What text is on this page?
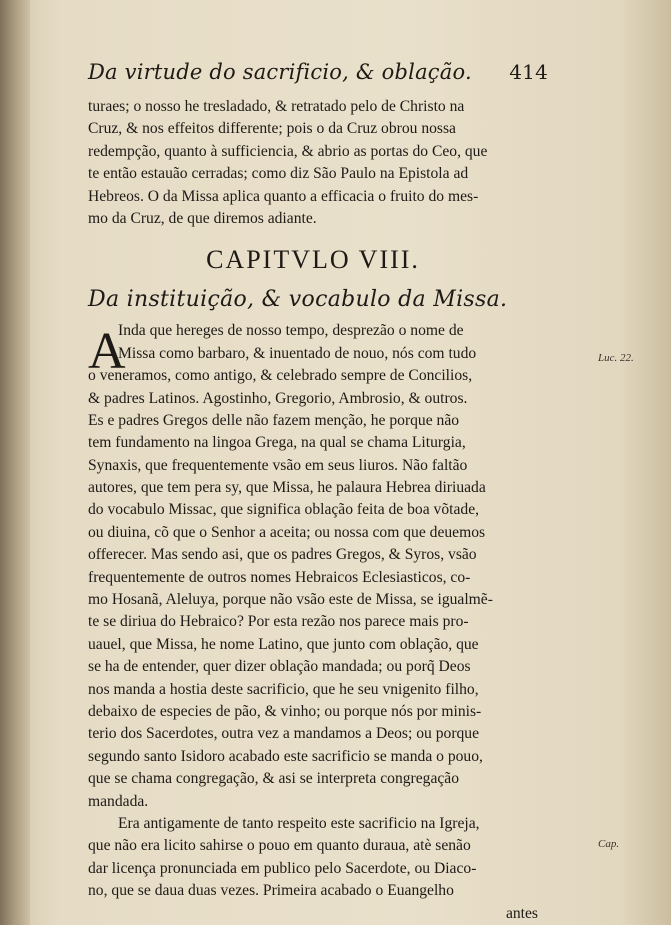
Da virtude do sacrificio, & oblação. 414
turaes; o nosso he tresladado, & retratado pelo de Christo na
Cruz, & nos effeitos differente; pois o da Cruz obrou nossa
redempção, quanto à sufficiencia, & abrio as portas do Ceo, que
te então estauão cerradas; como diz São Paulo na Epistola ad
Hebreos. O da Missa aplica quanto a efficacia o fruito do mes-
mo da Cruz, de que diremos adiante.
CAPITVLO VIII.
Da instituição, & vocabulo da Missa.
Inda que hereges de nosso tempo, desprezão o nome de
Missa como barbaro, & inuentado de nouo, nós com tudo
o veneramos, como antigo, & celebrado sempre de Concilios,
& padres Latinos. Agostinho, Gregorio, Ambrosio, & outros.
Es e padres Gregos delle não fazem menção, he porque não
tem fundamento na lingoa Grega, na qual se chama Liturgia,
Synaxis, que frequentemente vsão em seus liuros. Não faltão
autores, que tem pera sy, que Missa, he palaura Hebrea diriuada
do vocabulo Missac, que significa oblação feita de boa võtade,
ou diuina, cõ que o Senhor a aceita; ou nossa com que deuemos
offerecer. Mas sendo asi, que os padres Gregos, & Syros, vsão
frequentemente de outros nomes Hebraicos Eclesiasticos, co-
mo Hosanã, Aleluya, porque não vsão este de Missa, se igualmẽ-
te se diriua do Hebraico? Por esta rezão nos parece mais pro-
uauel, que Missa, he nome Latino, que junto com oblação, que
se ha de entender, quer dizer oblação mandada; ou porq̃ Deos
nos manda a hostia deste sacrificio, que he seu vnigenito filho,
debaixo de especies de pão, & vinho; ou porque nós por minis-
terio dos Sacerdotes, outra vez a mandamos a Deos; ou porque
segundo santo Isidoro acabado este sacrificio se manda o pouo,
que se chama congregação, & asi se interpreta congregação
mandada.
Era antigamente de tanto respeito este sacrificio na Igreja,
que não era licito sahirse o pouo em quanto duraua, atè senão
dar licença pronunciada em publico pelo Sacerdote, ou Diaco-
no, que se daua duas vezes. Primeira acabado o Euangelho
antes
A	Luc. 22.
Cap.
